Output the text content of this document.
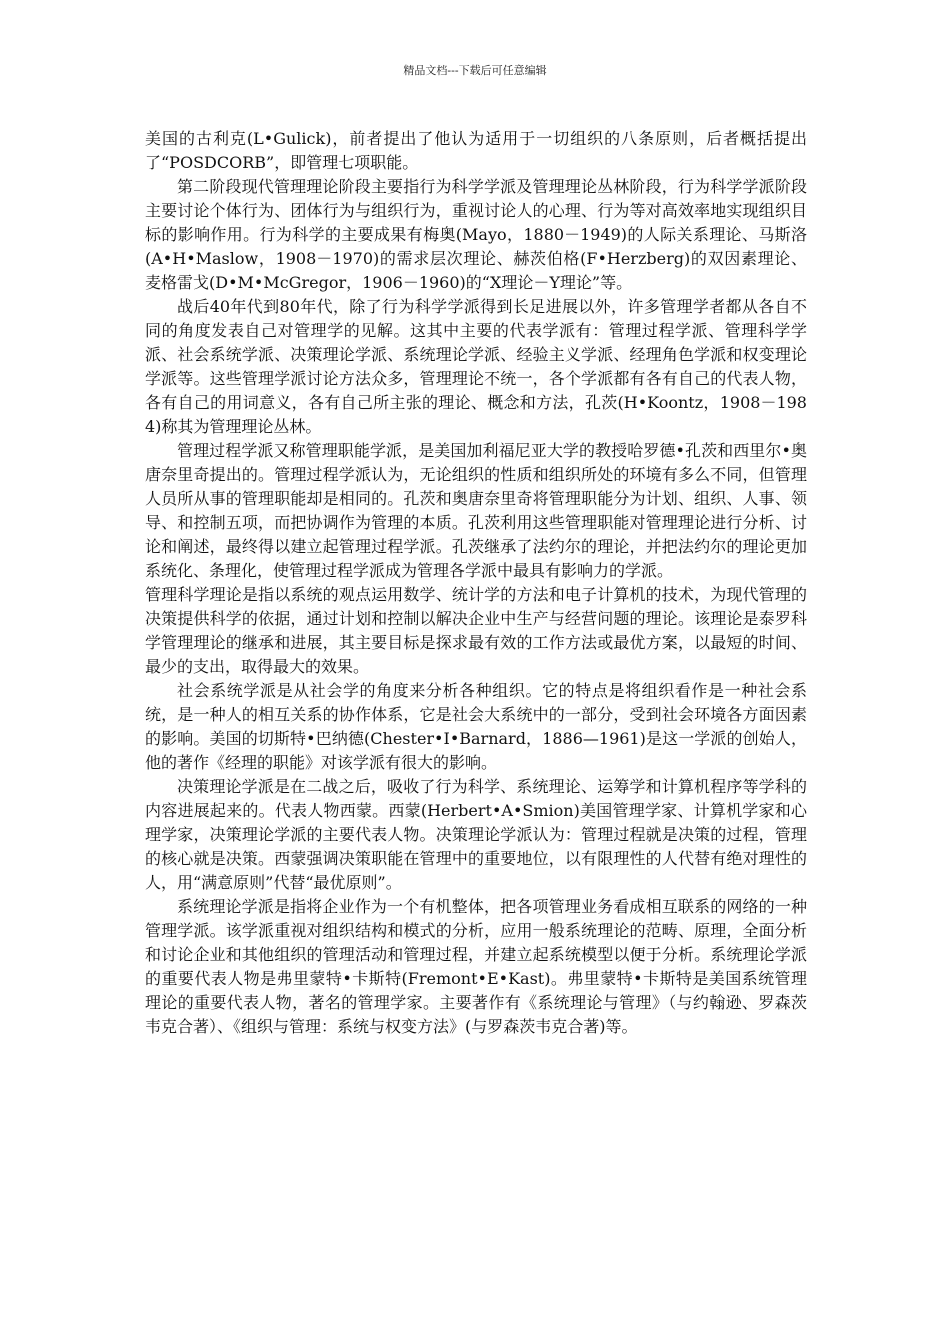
精品文档---下载后可任意编辑

美国的古利克(L•Gulick)，前者提出了他认为适用于一切组织的八条原则，后者概括提出了“POSDCORB”，即管理七项职能。

第二阶段现代管理理论阶段主要指行为科学学派及管理理论丛林阶段，行为科学学派阶段主要讨论个体行为、团体行为与组织行为，重视讨论人的心理、行为等对高效率地实现组织目标的影响作用。行为科学的主要成果有梅奥(Mayo，1880－1949)的人际关系理论、马斯洛(A•H•Maslow，1908－1970)的需求层次理论、赫茨伯格(F•Herzberg)的双因素理论、麦格雷戈(D•M•McGregor，1906－1960)的“X理论－Y理论”等。

战后40年代到80年代，除了行为科学学派得到长足进展以外，许多管理学者都从各自不同的角度发表自己对管理学的见解。这其中主要的代表学派有：管理过程学派、管理科学学派、社会系统学派、决策理论学派、系统理论学派、经验主义学派、经理角色学派和权变理论学派等。这些管理学派讨论方法众多，管理理论不统一，各个学派都有各有自己的代表人物，各有自己的用词意义，各有自己所主张的理论、概念和方法，孔茨(H•Koontz，1908－1984)称其为管理理论丛林。

管理过程学派又称管理职能学派，是美国加利福尼亚大学的教授哈罗德•孔茨和西里尔•奥唐奈里奇提出的。管理过程学派认为，无论组织的性质和组织所处的环境有多么不同，但管理人员所从事的管理职能却是相同的。孔茨和奥唐奈里奇将管理职能分为计划、组织、人事、领导、和控制五项，而把协调作为管理的本质。孔茨利用这些管理职能对管理理论进行分析、讨论和阐述，最终得以建立起管理过程学派。孔茨继承了法约尔的理论，并把法约尔的理论更加系统化、条理化，使管理过程学派成为管理各学派中最具有影响力的学派。

管理科学理论是指以系统的观点运用数学、统计学的方法和电子计算机的技术，为现代管理的决策提供科学的依据，通过计划和控制以解决企业中生产与经营问题的理论。该理论是泰罗科学管理理论的继承和进展，其主要目标是探求最有效的工作方法或最优方案，以最短的时间、最少的支出，取得最大的效果。

社会系统学派是从社会学的角度来分析各种组织。它的特点是将组织看作是一种社会系统，是一种人的相互关系的协作体系，它是社会大系统中的一部分，受到社会环境各方面因素的影响。美国的切斯特•巴纳德(Chester•I•Barnard，1886—1961)是这一学派的创始人，他的著作《经理的职能》对该学派有很大的影响。

决策理论学派是在二战之后，吸收了行为科学、系统理论、运筹学和计算机程序等学科的内容进展起来的。代表人物西蒙。西蒙(Herbert•A•Smion)美国管理学家、计算机学家和心理学家，决策理论学派的主要代表人物。决策理论学派认为：管理过程就是决策的过程，管理的核心就是决策。西蒙强调决策职能在管理中的重要地位，以有限理性的人代替有绝对理性的人，用“满意原则”代替“最优原则”。

系统理论学派是指将企业作为一个有机整体，把各项管理业务看成相互联系的网络的一种管理学派。该学派重视对组织结构和模式的分析，应用一般系统理论的范畴、原理，全面分析和讨论企业和其他组织的管理活动和管理过程，并建立起系统模型以便于分析。系统理论学派的重要代表人物是弗里蒙特•卡斯特(Fremont•E•Kast)。弗里蒙特•卡斯特是美国系统管理理论的重要代表人物，著名的管理学家。主要著作有《系统理论与管理》（与约翰逊、罗森茨韦克合著）、《组织与管理：系统与权变方法》(与罗森茨韦克合著)等。
